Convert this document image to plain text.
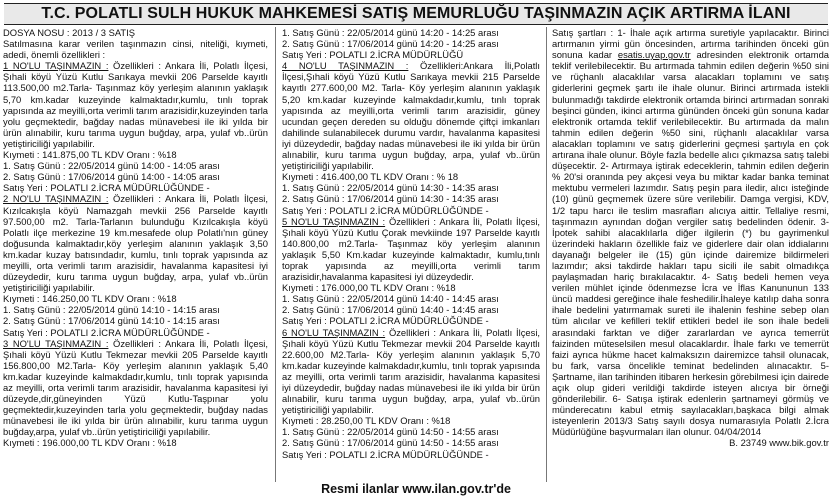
T.C. POLATLI SULH HUKUK MAHKEMESİ SATIŞ MEMURLUĞU TAŞINMAZIN AÇIK ARTIRMA İLANI

DOSYA NOSU : 2013 / 3 SATIŞ

Satılmasına karar verilen taşınmazın cinsi, niteliği, kıymeti, adedi, önemli özellikleri :

1 NO'LU TAŞINMAZIN : Özellikleri : Ankara İli, Polatlı İlçesi, Şıhali köyü Yüzü Kutlu Sarıkaya mevkii 206 Parselde kayıtlı 113.500,00 m2.Tarla- Taşınmaz köy yerleşim alanının yaklaşık 5,70 km.kadar kuzeyinde kalmaktadır,kumlu, tınlı toprak yapısında az meyilli,orta verimli tarım arazisidir,kuzeyinden tarla yolu geçmektedir, bağday nadas münavebesi ile iki yılda bir ürün alınabilir, kuru tarıma uygun buğday, arpa, yulaf vb..ürün yetiştiriciliği yapılabilir.

Kıymeti : 141.875,00 TL KDV Oranı : %18

1. Satış Günü : 22/05/2014 günü 14:00 - 14:05 arası

2. Satış Günü : 17/06/2014 günü 14:00 - 14:05 arası

Satış Yeri : POLATLI 2.İCRA MÜDÜRLÜĞÜNDE -

2 NO'LU TAŞINMAZIN : Özellikleri : Ankara İli, Polatlı İlçesi, Kızılcakışla köyü Namazgah mevkii 256 Parselde kayıtlı 97.500,00 m2. Tarla-Tarlanın bulunduğu Kızılcakışla köyü Polatlı ilçe merkezine 19 km.mesafede olup Polatlı'nın güney doğusunda kalmaktadır,köy yerleşim alanının yaklaşık 3,50 km.kadar kuzay batısındadır, kumlu, tınlı toprak yapısında az meyilli, orta verimli tarım arazisidir, havalanma kapasitesi iyi düzeydedir, kuru tarıma uygun buğday, arpa, yulaf vb..ürün yetiştiriciliği yapılabilir.

Kıymeti : 146.250,00 TL KDV Oranı : %18

1. Satış Günü : 22/05/2014 günü 14:10 - 14:15 arası

2. Satış Günü : 17/06/2014 günü 14:10 - 14:15 arası

Satış Yeri : POLATLI 2.İCRA MÜDÜRLÜĞÜNDE -

3 NO'LU TAŞINMAZIN : Özellikleri : Ankara İli, Polatlı İlçesi, Şıhali köyü Yüzü Kutlu Tekmezar mevkii 205 Parselde kayıtlı 156.800,00 M2.Tarla- Köy yerleşim alanının yaklaşık 5,40 km.kadar kuzeyinde kalmakdadır,kumlu, tınlı toprak yapısında az meyilli, orta verimli tarım arazisidir, havalanma kapasitesi iyi düzeyde,dir,güneyinden Yüzü Kutlu-Taşpınar yolu geçmektedir,kuzeyinden tarla yolu geçmektedir, buğday nadas münavebesi ile iki yılda bir ürün alınabilir, kuru tarıma uygun buğday,arpa, yulaf vb..ürün yetiştiriciliği yapılabilir.

Kıymeti : 196.000,00 TL KDV Oranı : %18

1. Satış Günü : 22/05/2014 günü 14:20 - 14:25 arası

2. Satış Günü : 17/06/2014 günü 14:20 - 14:25 arası

Satış Yeri : POLATLI 2.İCRA MÜDÜRLÜĞÜ

4 NO'LU TAŞINMAZIN : Özellikleri:Ankara İli,Polatlı İlçesi,Şıhali köyü Yüzü Kutlu Sarıkaya mevkii 215 Parselde kayıtlı 277.600,00 M2. Tarla- Köy yerleşim alanının yaklaşık 5,20 km.kadar kuzeyinde kalmakdadır,kumlu, tınlı toprak yapısında az meyilli,orta verimli tarım arazisidir, güney ucundan geçen dereden su olduğu dönemde çiftçi imkanları dahilinde sulanabilecek durumu vardır, havalanma kapasitesi iyi düzeydedir, bağday nadas münavebesi ile iki yılda bir ürün alınabilir, kuru tarıma uygun buğday, arpa, yulaf vb..ürün yetiştiriciliği yapılabilir.

Kıymeti : 416.400,00 TL KDV Oranı : % 18

1. Satış Günü : 22/05/2014 günü 14:30 - 14:35 arası

2. Satış Günü : 17/06/2014 günü 14:30 - 14:35 arası

Satış Yeri : POLATLI 2.İCRA MÜDÜRLÜĞÜNDE -

5 NO'LU TAŞINMAZIN : Özellikleri : Ankara İli, Polatlı İlçesi, Şıhali köyü Yüzü Kutlu Çorak mevkiinde 197 Parselde kayıtlı 140.800,00 m2.Tarla- Taşınmaz köy yerleşim alanının yaklaşık 5,50 Km.kadar kuzeyinde kalmaktadır, kumlu,tınlı toprak yapısında az meyilli,orta verimli tarım arazisidir,havalanma kapasitesi iyi düzeydedir.

Kıymeti : 176.000,00 TL KDV Oranı : %18

1. Satış Günü : 22/05/2014 günü 14:40 - 14:45 arası

2. Satış Günü : 17/06/2014 günü 14:40 - 14:45 arası

Satış Yeri : POLATLI 2.İCRA MÜDÜRLÜĞÜNDE -

6 NO'LU TAŞINMAZIN : Özellikleri : Ankara İli, Polatlı İlçesi, Şıhali köyü Yüzü Kutlu Tekmezar mevkii 204 Parselde kayıtlı 22.600,00 M2.Tarla- Köy yerleşim alanının yaklaşık 5,70 km.kadar kuzeyinde kalmakdadır,kumlu, tınlı toprak yapısında az meyilli, orta verimli tarım arazisidir, havalanma kapasitesi iyi düzeydedir, buğday nadas münavebesi ile iki yılda bir ürün alınabilir, kuru tarıma uygun buğday, arpa, yulaf vb..ürün yetiştiriciliği yapılabilir.

Kıymeti : 28.250,00 TL KDV Oranı : %18

1. Satış Günü : 22/05/2014 günü 14:50 - 14:55 arası

2. Satış Günü : 17/06/2014 günü 14:50 - 14:55 arası

Satış Yeri : POLATLI 2.İCRA MÜDÜRLÜĞÜNDE -

Satış şartları : 1- İhale açık artırma suretiyle yapılacaktır. Birinci artırmanın yirmi gün öncesinden, artırma tarihinden önceki gün sonuna kadar esatis.uyap.gov.tr adresinden elektronik ortamda teklif verilebilecektir. Bu artırmada tahmin edilen değerin %50 sini ve rüçhanlı alacaklılar varsa alacakları toplamını ve satış giderlerini geçmek şartı ile ihale olunur. Birinci artırmada istekli bulunmadığı takdirde elektronik ortamda birinci artırmadan sonraki beşinci günden, ikinci artırma gününden önceki gün sonuna kadar elektronik ortamda teklif verilebilecektir. Bu artırmada da malın tahmin edilen değerin %50 sini, rüçhanlı alacaklılar varsa alacakları toplamını ve satış giderlerini geçmesi şartıyla en çok artırana ihale olunur. Böyle fazla bedelle alıcı çıkmazsa satış talebi düşecektir. 2- Artırmaya iştirak edeceklerin, tahmin edilen değerin % 20'si oranında pey akçesi veya bu miktar kadar banka teminat mektubu vermeleri lazımdır. Satış peşin para iledir, alıcı isteğinde (10) günü geçmemek üzere süre verilebilir. Damga vergisi, KDV, 1/2 tapu harcı ile teslim masrafları alıcıya aittir. Tellaliye resmi, taşınmazın aynından doğan vergiler satış bedelinden ödenir. 3- İpotek sahibi alacaklılarla diğer ilgilerin (*) bu gayrimenkul üzerindeki hakların özellikle faiz ve giderlere dair olan iddialarını dayanağı belgeler ile (15) gün içinde dairemize bildirmeleri lazımdır; aksi takdirde hakları tapu sicili ile sabit olmadıkça paylaşmadan hariç bırakılacaktır. 4- Satış bedeli hemen veya verilen mühlet içinde ödenmezse İcra ve İflas Kanununun 133 üncü maddesi gereğince ihale feshedilir.İhaleye katılıp daha sonra ihale bedelini yatırmamak sureti ile ihalenin feshine sebep olan tüm alıcılar ve kefilleri teklif ettikleri bedel ile son ihale bedeli arasındaki farktan ve diğer zararlardan ve ayrıca temerrüt faizinden müteselsilen mesul olacaklardır. İhale farkı ve temerrüt faizi ayrıca hükme hacet kalmaksızın dairemizce tahsil olunacak, bu fark, varsa öncelikle teminat bedelinden alınacaktır. 5- Şartname, ilan tarihinden itibaren herkesin görebilmesi için dairede açık olup gideri verildiği takdirde isteyen alıcıya bir örneği gönderilebilir. 6- Satışa iştirak edenlerin şartnameyi görmüş ve münderecatını kabul etmiş sayılacakları,başkaca bilgi almak isteyenlerin 2013/3 Satış sayılı dosya numarasıyla Polatlı 2.İcra Müdürlüğüne başvurmaları ilan olunur. 04/04/2014

B. 23749 www.bik.gov.tr
Resmi ilanlar www.ilan.gov.tr'de
